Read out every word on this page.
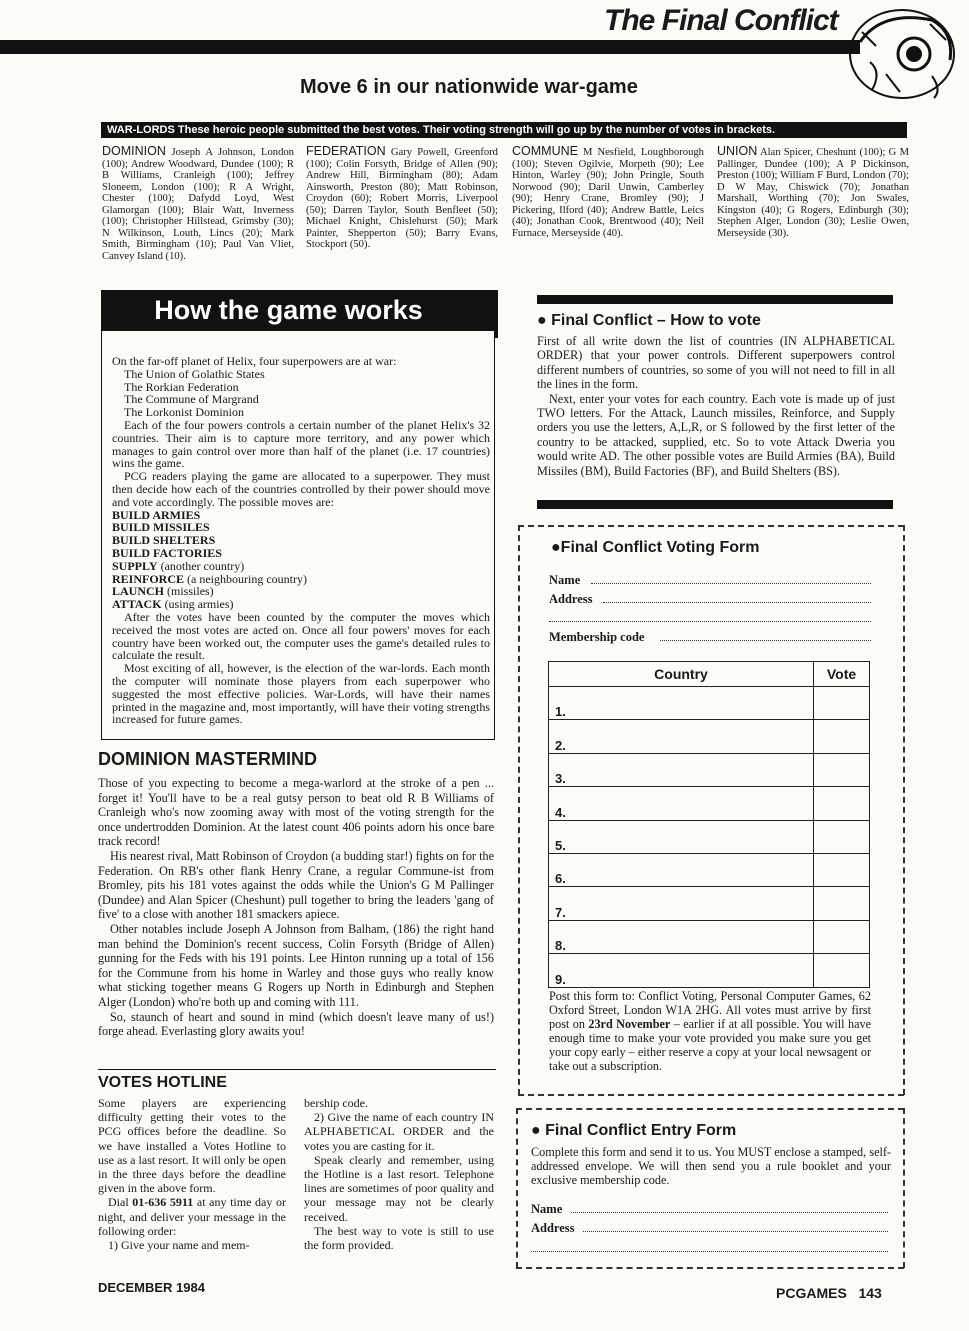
The Final Conflict
Move 6 in our nationwide war-game
WAR-LORDS These heroic people submitted the best votes. Their voting strength will go up by the number of votes in brackets.
DOMINION Joseph A Johnson, London (100); Andrew Woodward, Dundee (100); R B Williams, Cranleigh (100); Jeffrey Sloneem, London (100); R A Wright, Chester (100); Dafydd Loyd, West Glamorgan (100); Blair Watt, Inverness (100); Christopher Hillstead, Grimsby (30); N Wilkinson, Louth, Lincs (20); Mark Smith, Birmingham (10); Paul Van Vliet, Canvey Island (10).
FEDERATION Gary Powell, Greenford (100); Colin Forsyth, Bridge of Allen (90); Andrew Hill, Birmingham (80); Adam Ainsworth, Preston (80); Matt Robinson, Croydon (60); Robert Morris, Liverpool (50); Darren Taylor, South Benfleet (50); Michael Knight, Chislehurst (50); Mark Painter, Shepperton (50); Barry Evans, Stockport (50).
COMMUNE M Nesfield, Loughborough (100); Steven Ogilvie, Morpeth (90); Lee Hinton, Warley (90); John Pringle, South Norwood (90); Daril Unwin, Camberley (90); Henry Crane, Bromley (90); J Pickering, Ilford (40); Andrew Battle, Leics (40); Jonathan Cook, Brentwood (40); Neil Furnace, Merseyside (40).
UNION Alan Spicer, Cheshunt (100); G M Pallinger, Dundee (100); A P Dickinson, Preston (100); William F Burd, London (70); D W May, Chiswick (70); Jonathan Marshall, Worthing (70); Jon Swales, Kingston (40); G Rogers, Edinburgh (30); Stephen Alger, London (30); Leslie Owen, Merseyside (30).
How the game works

On the far-off planet of Helix, four superpowers are at war:

The Union of Golathic States

The Rorkian Federation

The Commune of Margrand

The Lorkonist Dominion

Each of the four powers controls a certain number of the planet Helix's 32 countries. Their aim is to capture more territory, and any power which manages to gain control over more than half of the planet (i.e. 17 countries) wins the game.

PCG readers playing the game are allocated to a superpower. They must then decide how each of the countries controlled by their power should move and vote accordingly. The possible moves are:

BUILD ARMIES

BUILD MISSILES

BUILD SHELTERS

BUILD FACTORIES

SUPPLY (another country)

REINFORCE (a neighbouring country)

LAUNCH (missiles)

ATTACK (using armies)

After the votes have been counted by the computer the moves which received the most votes are acted on. Once all four powers' moves for each country have been worked out, the computer uses the game's detailed rules to calculate the result.

Most exciting of all, however, is the election of the war-lords. Each month the computer will nominate those players from each superpower who suggested the most effective policies. War-Lords, will have their names printed in the magazine and, most importantly, will have their voting strengths increased for future games.

DOMINION MASTERMIND

Those of you expecting to become a mega-warlord at the stroke of a pen ... forget it! You'll have to be a real gutsy person to beat old R B Williams of Cranleigh who's now zooming away with most of the voting strength for the once undertrodden Dominion. At the latest count 406 points adorn his once bare track record!

His nearest rival, Matt Robinson of Croydon (a budding star!) fights on for the Federation. On RB's other flank Henry Crane, a regular Commune-ist from Bromley, pits his 181 votes against the odds while the Union's G M Pallinger (Dundee) and Alan Spicer (Cheshunt) pull together to bring the leaders 'gang of five' to a close with another 181 smackers apiece.

Other notables include Joseph A Johnson from Balham, (186) the right hand man behind the Dominion's recent success, Colin Forsyth (Bridge of Allen) gunning for the Feds with his 191 points. Lee Hinton running up a total of 156 for the Commune from his home in Warley and those guys who really know what sticking together means G Rogers up North in Edinburgh and Stephen Alger (London) who're both up and coming with 111.

So, staunch of heart and sound in mind (which doesn't leave many of us!) forge ahead. Everlasting glory awaits you!

VOTES HOTLINE

Some players are experiencing difficulty getting their votes to the PCG offices before the deadline. So we have installed a Votes Hotline to use as a last resort. It will only be open in the three days before the deadline given in the above form.

Dial 01-636 5911 at any time day or night, and deliver your message in the following order:

1) Give your name and mem-

bership code.

2) Give the name of each country IN ALPHABETICAL ORDER and the votes you are casting for it.

Speak clearly and remember, using the Hotline is a last resort. Telephone lines are sometimes of poor quality and your message may not be clearly received.

The best way to vote is still to use the form provided.

● Final Conflict – How to vote

First of all write down the list of countries (IN ALPHABETICAL ORDER) that your power controls. Different superpowers control different numbers of countries, so some of you will not need to fill in all the lines in the form.

Next, enter your votes for each country. Each vote is made up of just TWO letters. For the Attack, Launch missiles, Reinforce, and Supply orders you use the letters, A,L,R, or S followed by the first letter of the country to be attacked, supplied, etc. So to vote Attack Dweria you would write AD. The other possible votes are Build Armies (BA), Build Missiles (BM), Build Factories (BF), and Build Shelters (BS).

●Final Conflict Voting Form
Name
Address
Membership code
Country	Vote
1.	
2.	
3.	
4.	
5.	
6.	
7.	
8.	
9.	
Post this form to: Conflict Voting, Personal Computer Games, 62 Oxford Street, London W1A 2HG. All votes must arrive by first post on 23rd November – earlier if at all possible. You will have enough time to make your vote provided you make sure you get your copy early – either reserve a copy at your local newsagent or take out a subscription.
● Final Conflict Entry Form
Complete this form and send it to us. You MUST enclose a stamped, self-addressed envelope. We will then send you a rule booklet and your exclusive membership code.
Name
Address
DECEMBER 1984	PCGAMES 143
